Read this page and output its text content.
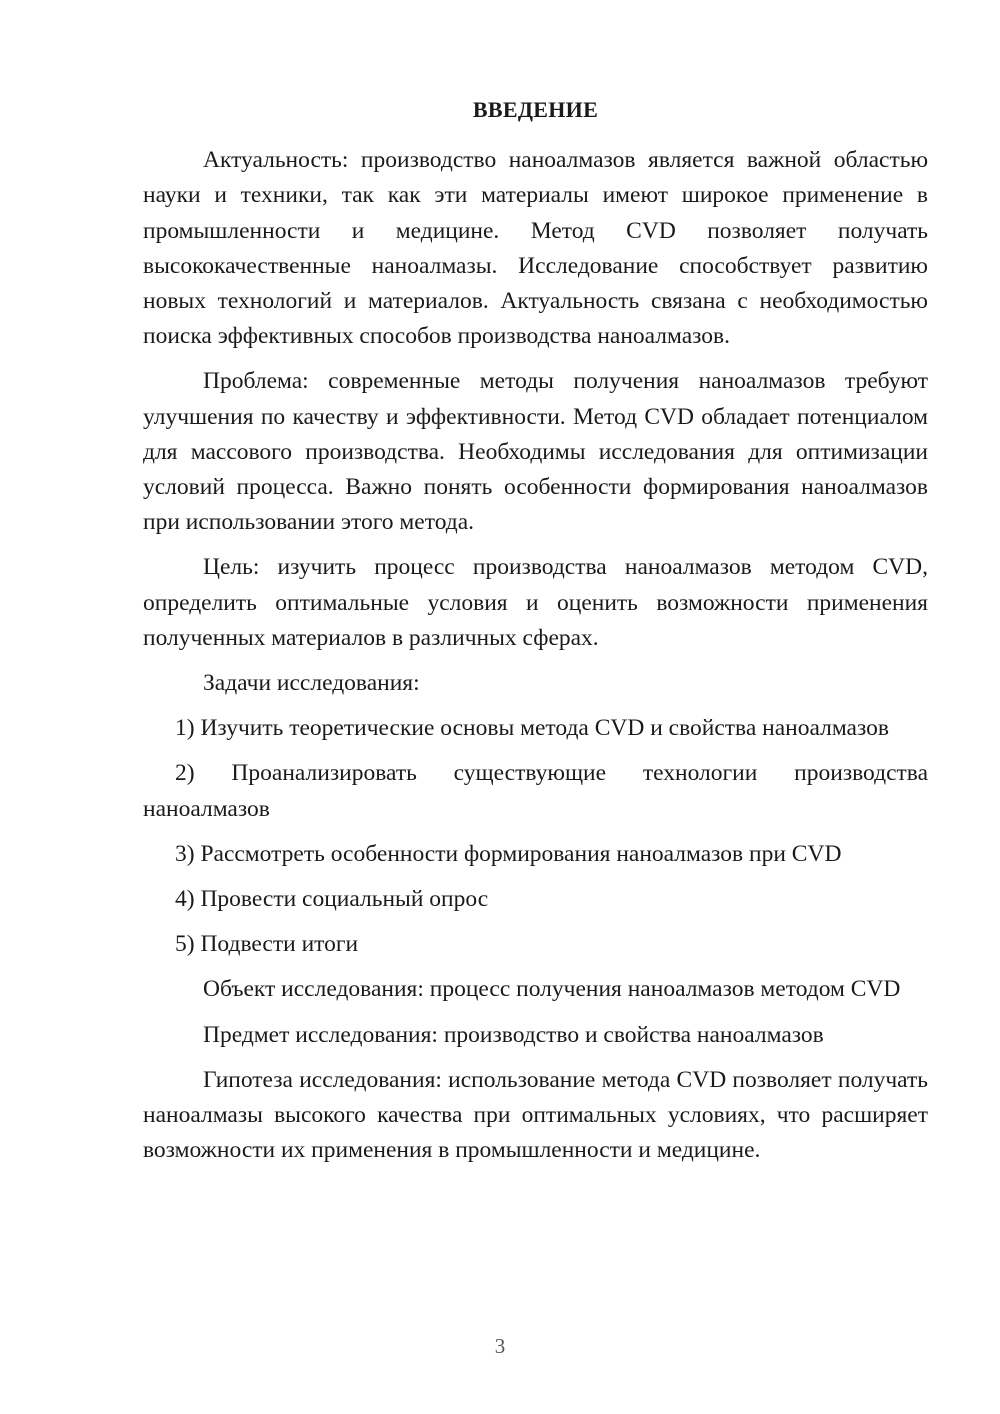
ВВЕДЕНИЕ

Актуальность: производство наноалмазов является важной областью науки и техники, так как эти материалы имеют широкое применение в промышленности и медицине. Метод CVD позволяет получать высококачественные наноалмазы. Исследование способствует развитию новых технологий и материалов. Актуальность связана с необходимостью поиска эффективных способов производства наноалмазов.

Проблема: современные методы получения наноалмазов требуют улучшения по качеству и эффективности. Метод CVD обладает потенциалом для массового производства. Необходимы исследования для оптимизации условий процесса. Важно понять особенности формирования наноалмазов при использовании этого метода.

Цель: изучить процесс производства наноалмазов методом CVD, определить оптимальные условия и оценить возможности применения полученных материалов в различных сферах.

Задачи исследования:

1) Изучить теоретические основы метода CVD и свойства наноалмазов

2) Проанализировать существующие технологии производства наноалмазов

3) Рассмотреть особенности формирования наноалмазов при CVD

4) Провести социальный опрос

5) Подвести итоги

Объект исследования: процесс получения наноалмазов методом CVD

Предмет исследования: производство и свойства наноалмазов

Гипотеза исследования: использование метода CVD позволяет получать наноалмазы высокого качества при оптимальных условиях, что расширяет возможности их применения в промышленности и медицине.

3
